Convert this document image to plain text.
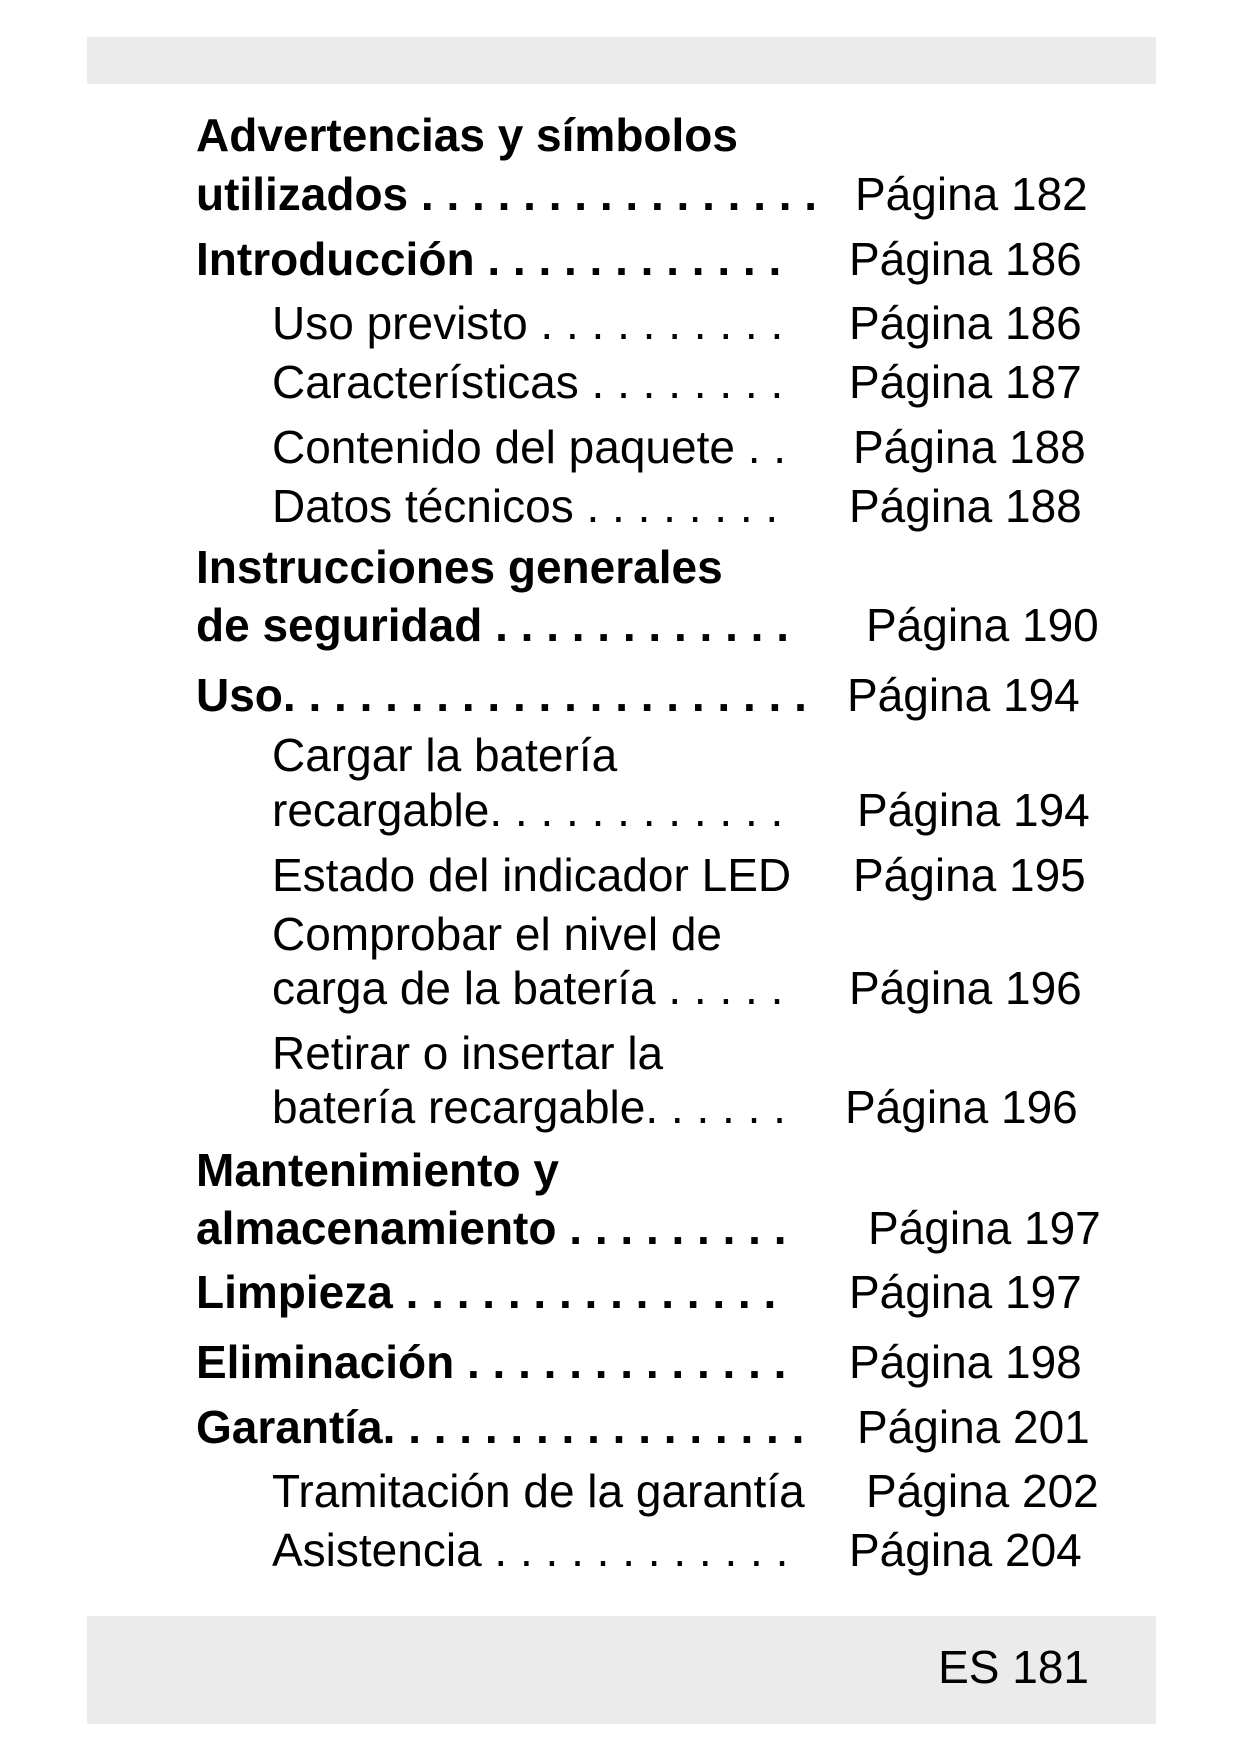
Advertencias y símbolos
utilizados . . . . . . . . . . . . . . . . Página 182
Introducción . . . . . . . . . . . . Página 186
Uso previsto . . . . . . . . . . Página 186
Características . . . . . . . . Página 187
Contenido del paquete . . Página 188
Datos técnicos . . . . . . . . Página 188
Instrucciones generales
de seguridad . . . . . . . . . . . . Página 190
Uso. . . . . . . . . . . . . . . . . . . . . Página 194
Cargar la batería
recargable. . . . . . . . . . . . Página 194
Estado del indicador LED Página 195
Comprobar el nivel de
carga de la batería . . . . . Página 196
Retirar o insertar la
batería recargable. . . . . . Página 196
Mantenimiento y
almacenamiento . . . . . . . . . Página 197
Limpieza . . . . . . . . . . . . . . . Página 197
Eliminación . . . . . . . . . . . . . Página 198
Garantía. . . . . . . . . . . . . . . . . Página 201
Tramitación de la garantía Página 202
Asistencia . . . . . . . . . . . . Página 204
ES 181
